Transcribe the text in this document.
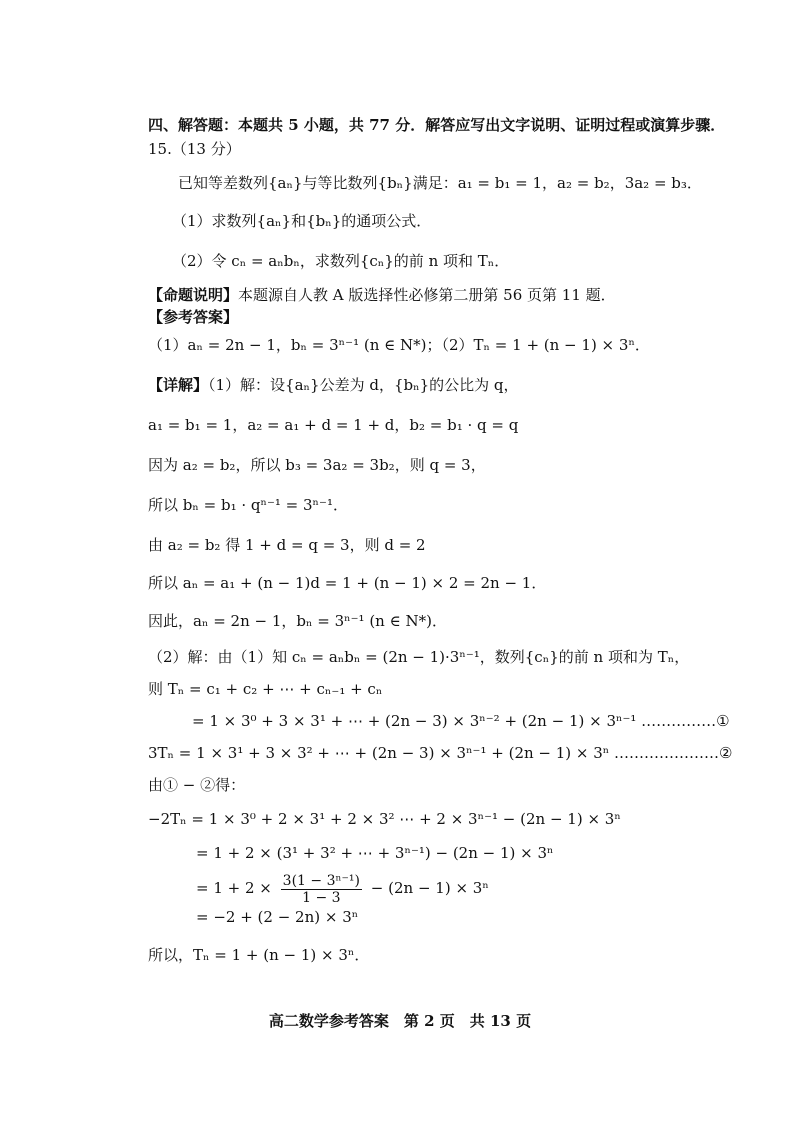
四、解答题：本题共 5 小题，共 77 分．解答应写出文字说明、证明过程或演算步骤．
15.（13 分）
已知等差数列{aₙ}与等比数列{bₙ}满足：a₁ = b₁ = 1，a₂ = b₂，3a₂ = b₃．
（1）求数列{aₙ}和{bₙ}的通项公式．
（2）令 cₙ = aₙbₙ，求数列{cₙ}的前 n 项和 Tₙ．
【命题说明】本题源自人教 A 版选择性必修第二册第 56 页第 11 题．
【参考答案】
（1）aₙ = 2n − 1，bₙ = 3ⁿ⁻¹ (n ∈ N*)；（2）Tₙ = 1 + (n − 1) × 3ⁿ．
【详解】（1）解：设{aₙ}公差为 d，{bₙ}的公比为 q，
a₁ = b₁ = 1，a₂ = a₁ + d = 1 + d，b₂ = b₁ · q = q
因为 a₂ = b₂，所以 b₃ = 3a₂ = 3b₂，则 q = 3，
所以 bₙ = b₁ · qⁿ⁻¹ = 3ⁿ⁻¹．
由 a₂ = b₂ 得 1 + d = q = 3，则 d = 2
所以 aₙ = a₁ + (n − 1)d = 1 + (n − 1) × 2 = 2n − 1．
因此，aₙ = 2n − 1，bₙ = 3ⁿ⁻¹ (n ∈ N*)．
（2）解：由（1）知 cₙ = aₙbₙ = (2n − 1)·3ⁿ⁻¹，数列{cₙ}的前 n 项和为 Tₙ，
则 Tₙ = c₁ + c₂ + ⋯ + cₙ₋₁ + cₙ
= 1 × 3⁰ + 3 × 3¹ + ⋯ + (2n − 3) × 3ⁿ⁻² + (2n − 1) × 3ⁿ⁻¹ ……………①
3Tₙ = 1 × 3¹ + 3 × 3² + ⋯ + (2n − 3) × 3ⁿ⁻¹ + (2n − 1) × 3ⁿ …………………②
由① − ②得：
−2Tₙ = 1 × 3⁰ + 2 × 3¹ + 2 × 3² ⋯ + 2 × 3ⁿ⁻¹ − (2n − 1) × 3ⁿ
= 1 + 2 × (3¹ + 3² + ⋯ + 3ⁿ⁻¹) − (2n − 1) × 3ⁿ
= $1 + 2 \times \frac{\text{3(1 − 3ⁿ⁻¹)}}{1 - 3} - (2n - 1) \times 3^n$
= −2 + (2 − 2n) × 3ⁿ
所以，Tₙ = 1 + (n − 1) × 3ⁿ．
高二数学参考答案　第 2 页　共 13 页
